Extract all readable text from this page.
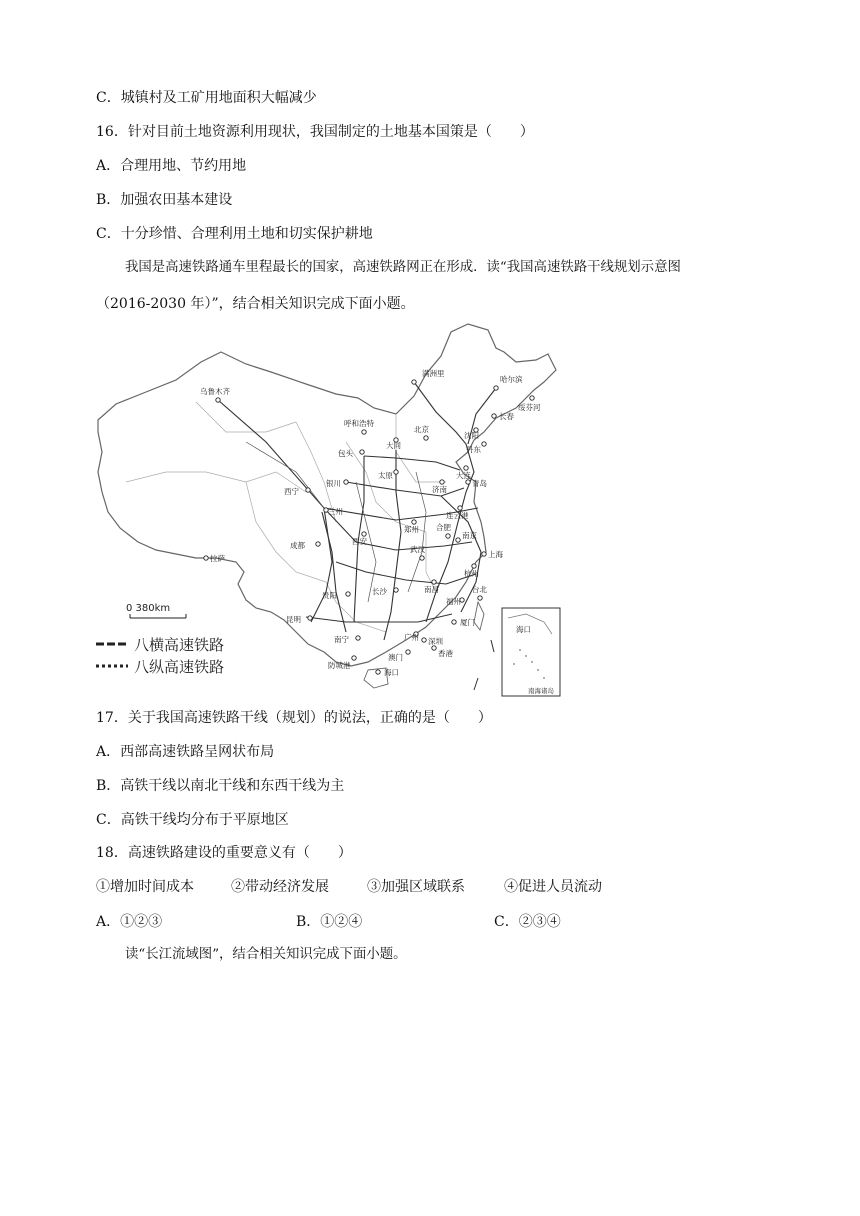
C．城镇村及工矿用地面积大幅减少
16．针对目前土地资源利用现状，我国制定的土地基本国策是（　　）
A．合理用地、节约用地
B．加强农田基本建设
C．十分珍惜、合理利用土地和切实保护耕地
我国是高速铁路通车里程最长的国家，高速铁路网正在形成．读“我国高速铁路干线规划示意图
（2016-2030 年）”，结合相关知识完成下面小题。
0 380km
八横高速铁路
八纵高速铁路
海口
南海诸岛
乌鲁木齐
满洲里
哈尔滨
绥芬河
长春
沈阳
丹东
大连
呼和浩特
包头
大同
北京
青岛
连云港
西宁
兰州
银川
太原
济南
郑州
西安
合肥
南京
上海
杭州
成都	武汉
南昌
福州
台北
拉萨
长沙
贵阳
昆明
广州 深圳
厦门
南宁
防城港
香港
澳门
海口
17．关于我国高速铁路干线（规划）的说法，正确的是（　　）
A．西部高速铁路呈网状布局
B．高铁干线以南北干线和东西干线为主
C．高铁干线均分布于平原地区
18．高速铁路建设的重要意义有（　　）
①增加时间成本	②带动经济发展	③加强区域联系	④促进人员流动
A．①②③	B．①②④	C．②③④
读“长江流域图”，结合相关知识完成下面小题。
